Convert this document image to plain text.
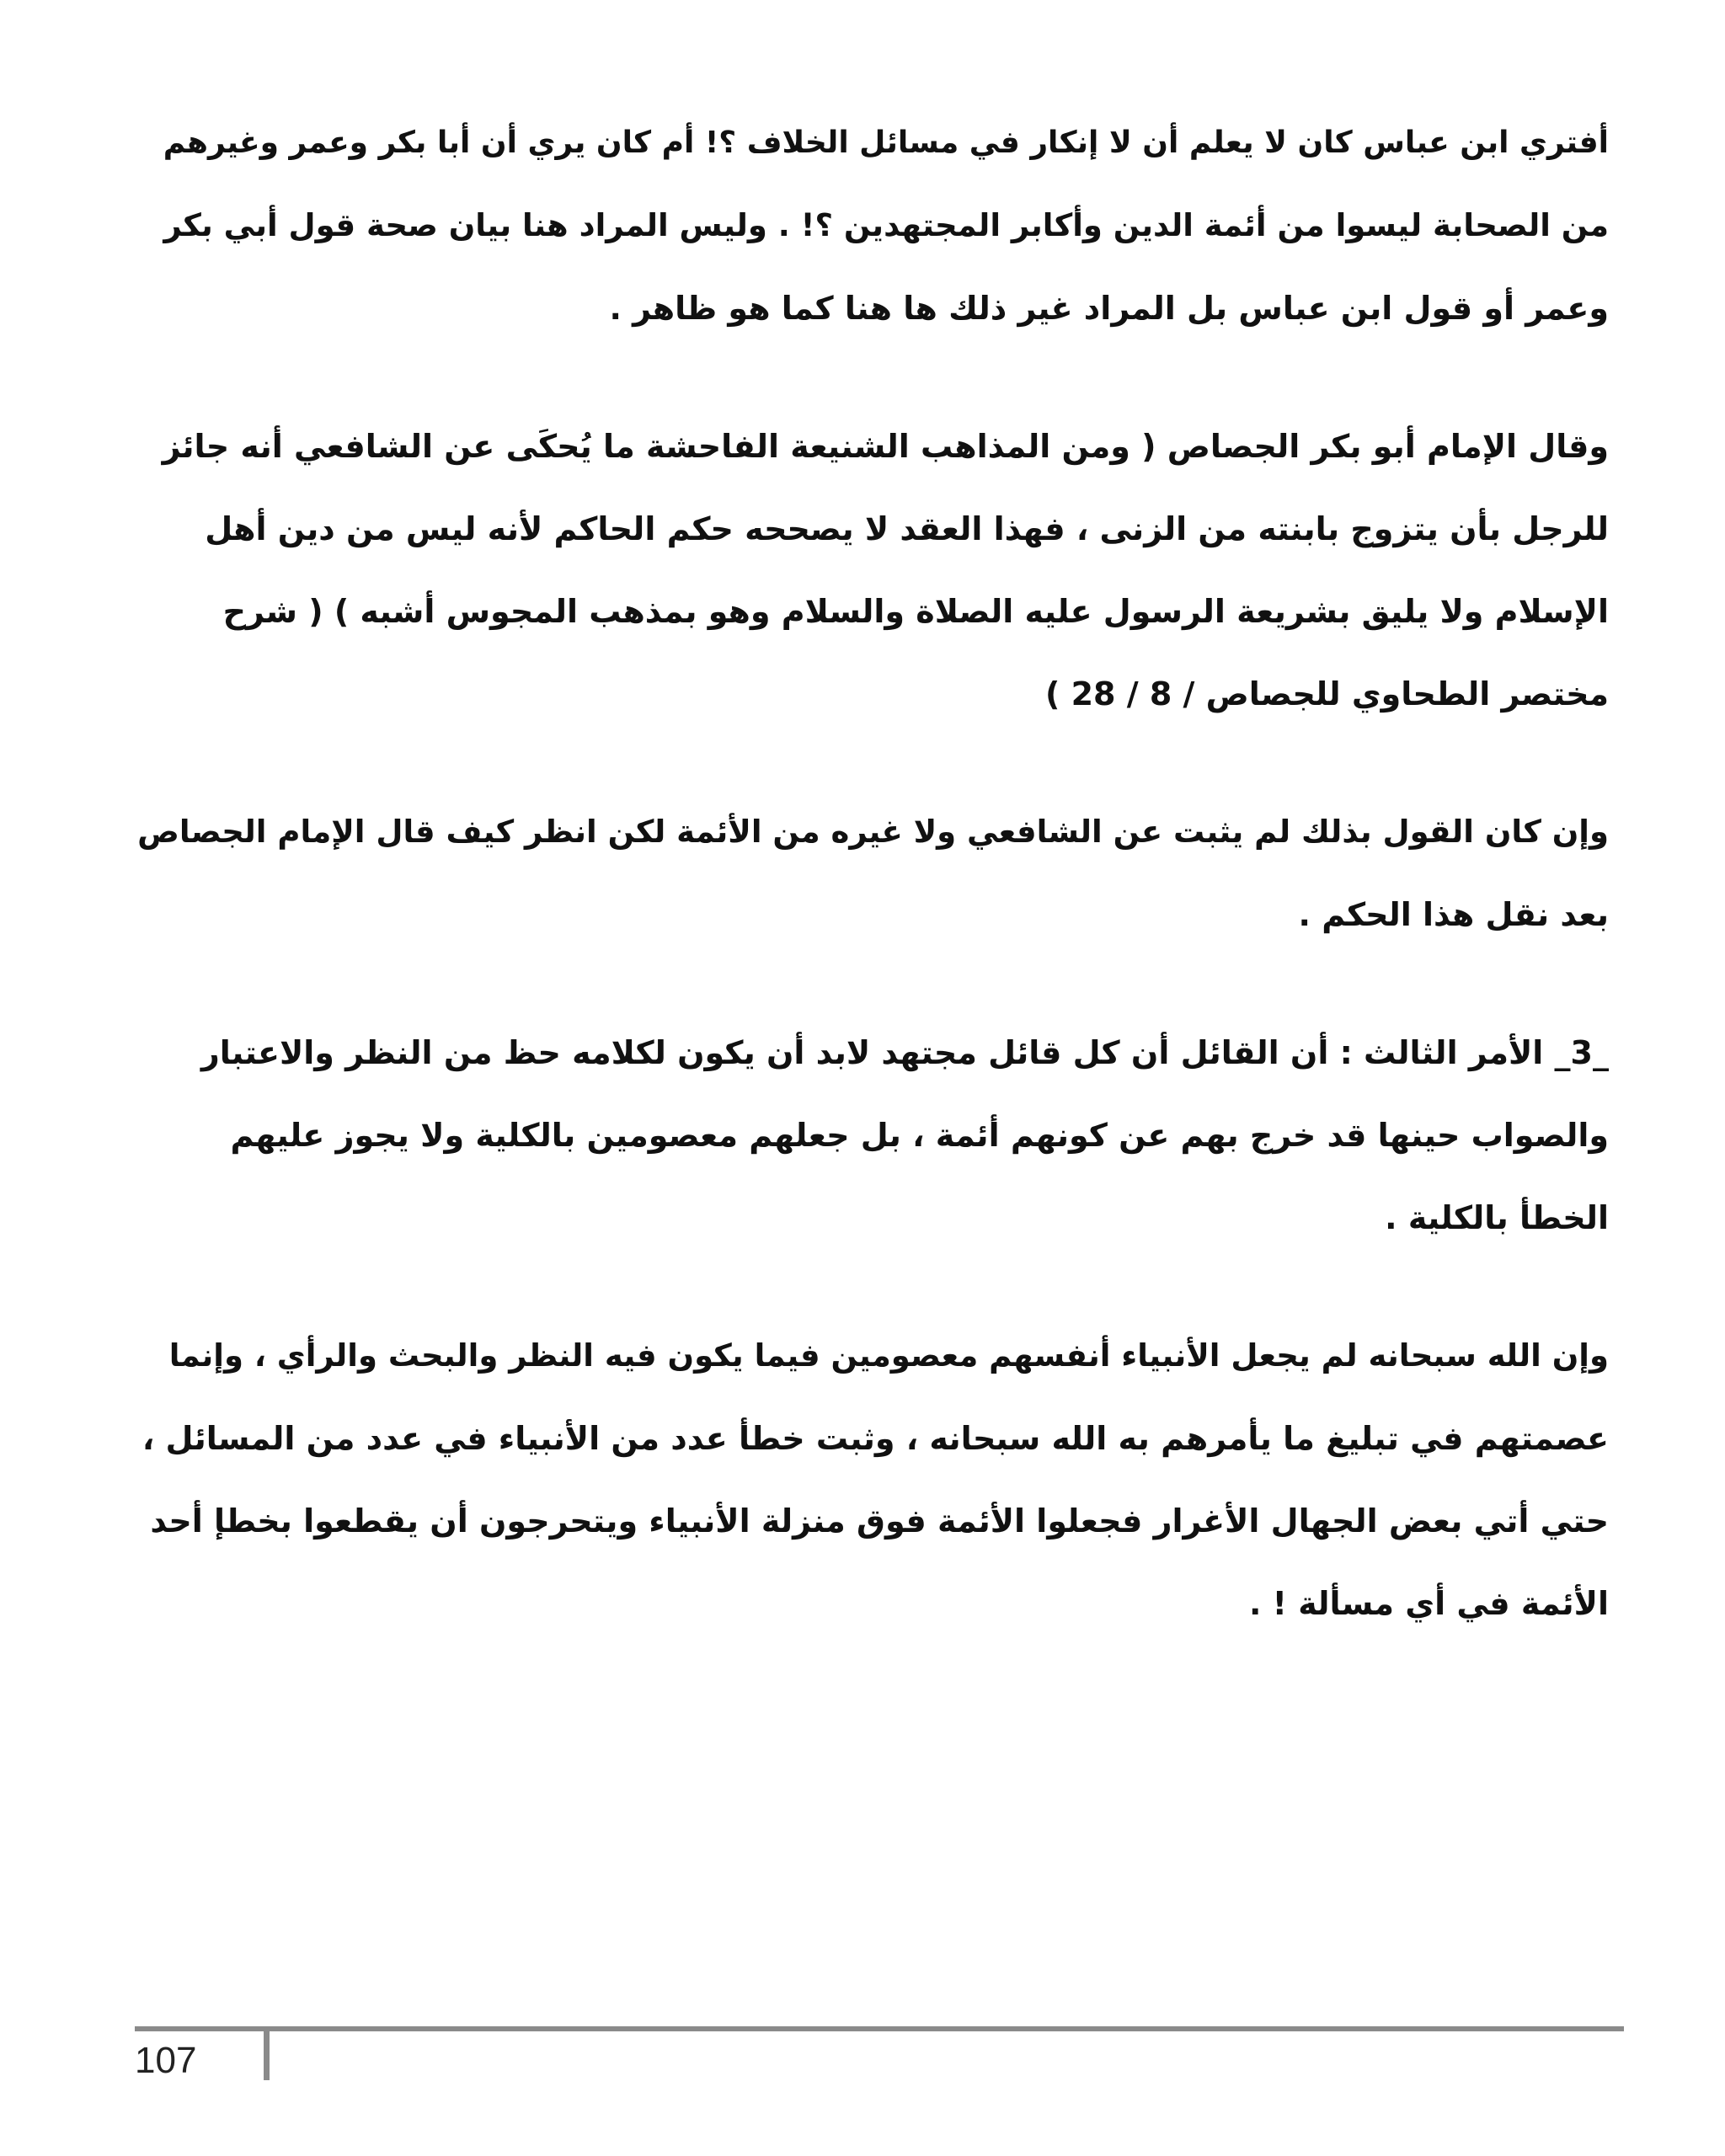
أفتري ابن عباس كان لا يعلم أن لا إنكار في مسائل الخلاف ؟! أم كان يري أن أبا بكر وعمر وغيرهم
من الصحابة ليسوا من أئمة الدين وأكابر المجتهدين ؟! . وليس المراد هنا بيان صحة قول أبي بكر
وعمر أو قول ابن عباس بل المراد غير ذلك ها هنا كما هو ظاهر .
وقال الإمام أبو بكر الجصاص ( ومن المذاهب الشنيعة الفاحشة ما يُحكَى عن الشافعي أنه جائز
للرجل بأن يتزوج بابنته من الزنى ، فهذا العقد لا يصححه حكم الحاكم لأنه ليس من دين أهل
الإسلام ولا يليق بشريعة الرسول عليه الصلاة والسلام وهو بمذهب المجوس أشبه ) ( شرح
مختصر الطحاوي للجصاص / 8 / 28 )
وإن كان القول بذلك لم يثبت عن الشافعي ولا غيره من الأئمة لكن انظر كيف قال الإمام الجصاص
بعد نقل هذا الحكم .
_3_ الأمر الثالث : أن القائل أن كل قائل مجتهد لابد أن يكون لكلامه حظ من النظر والاعتبار
والصواب حينها قد خرج بهم عن كونهم أئمة ، بل جعلهم معصومين بالكلية ولا يجوز عليهم
الخطأ بالكلية .
وإن الله سبحانه لم يجعل الأنبياء أنفسهم معصومين فيما يكون فيه النظر والبحث والرأي ، وإنما
عصمتهم في تبليغ ما يأمرهم به الله سبحانه ، وثبت خطأ عدد من الأنبياء في عدد من المسائل ،
حتي أتي بعض الجهال الأغرار فجعلوا الأئمة فوق منزلة الأنبياء ويتحرجون أن يقطعوا بخطإ أحد
الأئمة في أي مسألة ! .
107
